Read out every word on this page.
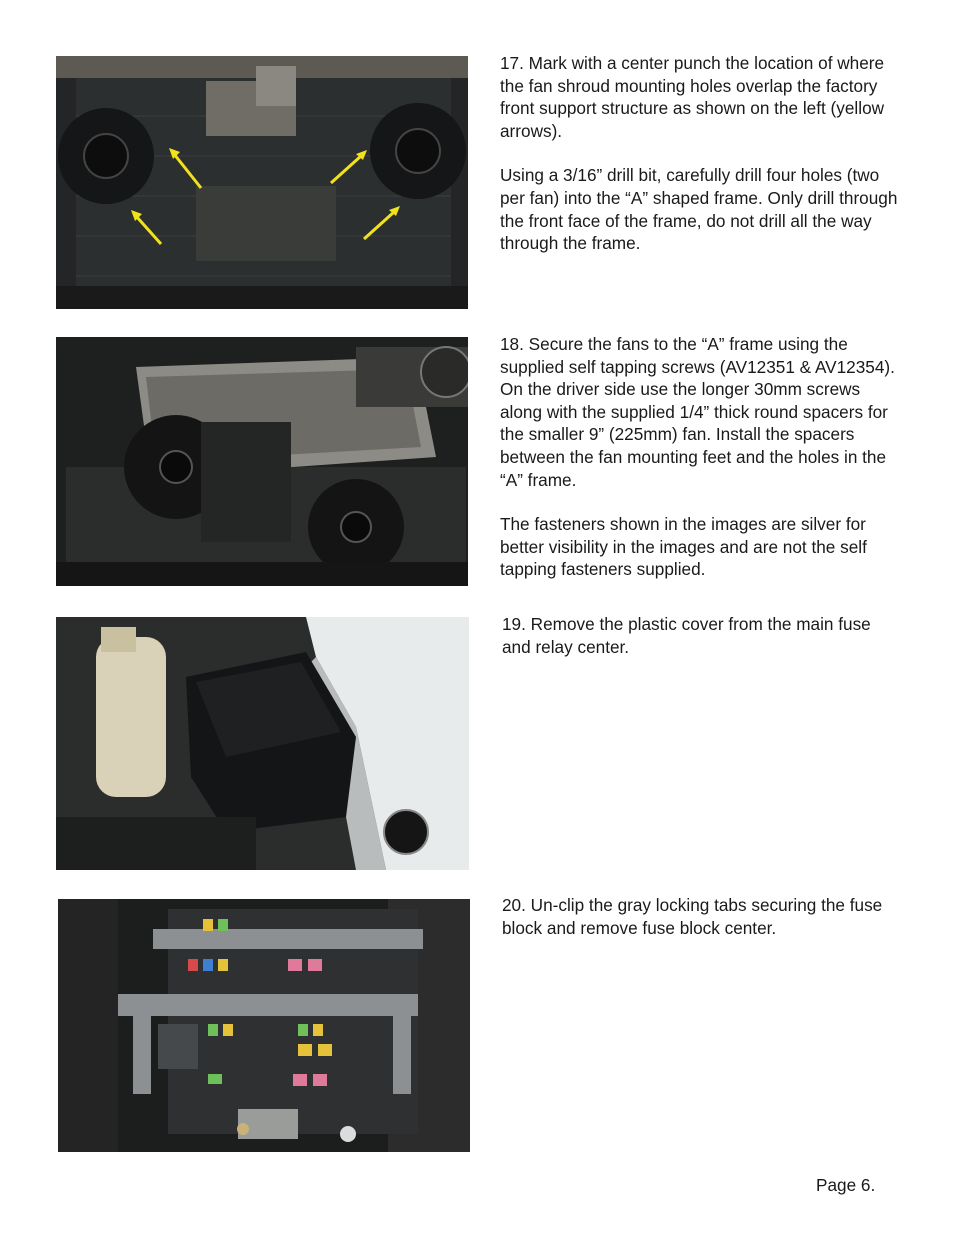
17. Mark with a center punch the location of where the fan shroud mounting holes overlap the factory front support structure as shown on the left (yellow arrows).

Using a 3/16” drill bit, carefully drill four holes (two per fan) into the “A” shaped frame. Only drill through the front face of the frame, do not drill all the way through the frame.

18. Secure the fans to the “A” frame using the supplied self tapping screws (AV12351 & AV12354). On the driver side use the longer 30mm screws along with the supplied 1/4” thick round spacers for the smaller 9” (225mm) fan. Install the spacers between the fan mounting feet and the holes in the “A” frame.

The fasteners shown in the images are silver for better visibility in the images and are not the self tapping fasteners supplied.

19. Remove the plastic cover from the main fuse and relay center.

20. Un-clip the gray locking tabs securing the fuse block and remove fuse block center.

Page 6.
